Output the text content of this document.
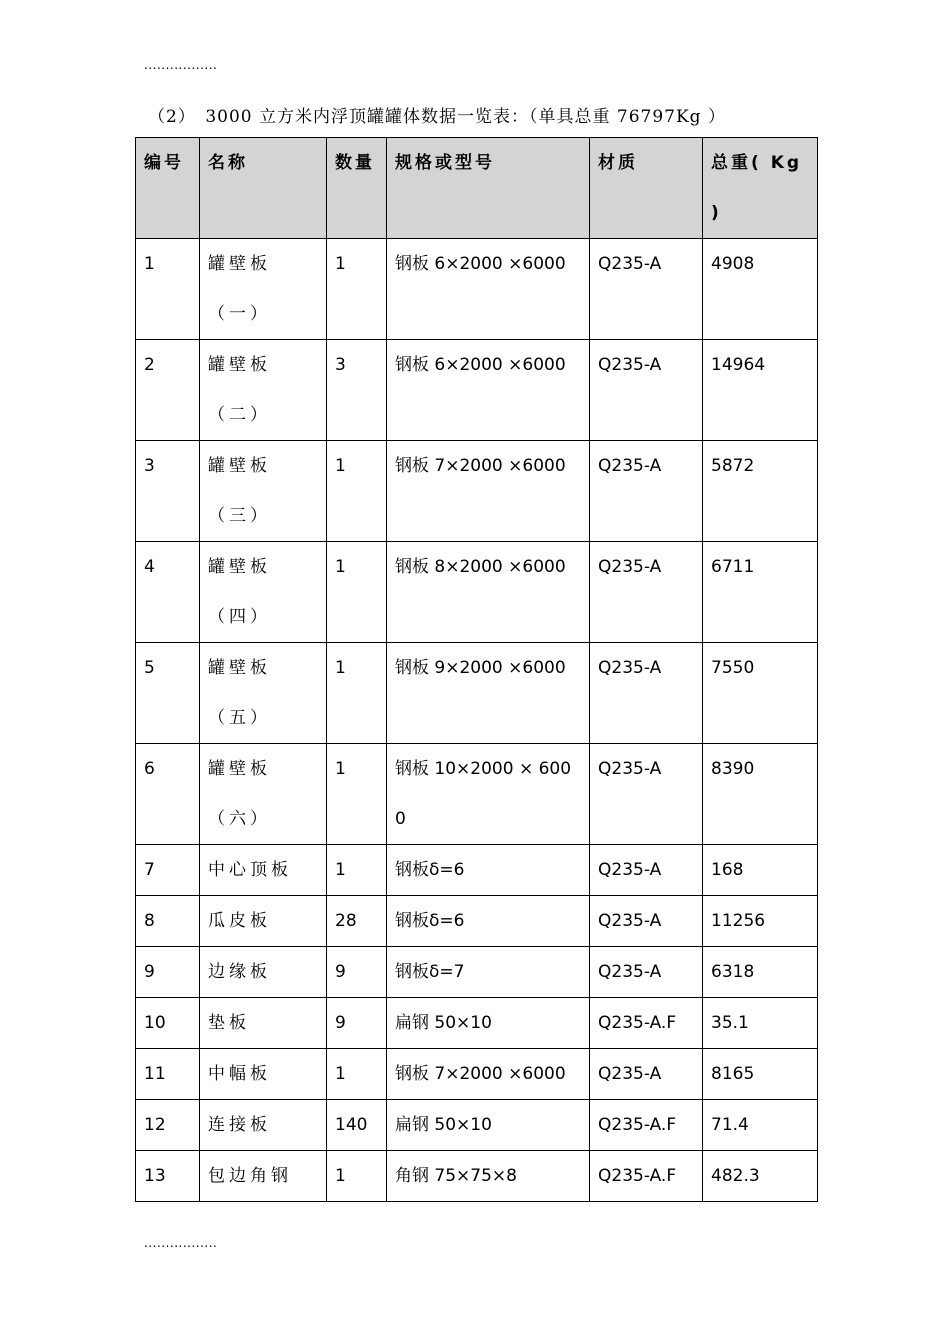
.................
（2）　3000 立方米内浮顶罐罐体数据一览表：（单具总重 76797Kg ）
编号	名称	数量	规格或型号	材质	总重( Kg )
1	罐壁板（一）	1	钢板 6×2000 ×6000	Q235-A	4908
2	罐壁板（二）	3	钢板 6×2000 ×6000	Q235-A	14964
3	罐壁板（三）	1	钢板 7×2000 ×6000	Q235-A	5872
4	罐壁板（四）	1	钢板 8×2000 ×6000	Q235-A	6711
5	罐壁板（五）	1	钢板 9×2000 ×6000	Q235-A	7550
6	罐壁板（六）	1	钢板 10×2000 × 6000	Q235-A	8390
7	中心顶板	1	钢板δ=6	Q235-A	168
8	瓜皮板	28	钢板δ=6	Q235-A	11256
9	边缘板	9	钢板δ=7	Q235-A	6318
10	垫板	9	扁钢 50×10	Q235-A.F	35.1
11	中幅板	1	钢板 7×2000 ×6000	Q235-A	8165
12	连接板	140	扁钢 50×10	Q235-A.F	71.4
13	包边角钢	1	角钢 75×75×8	Q235-A.F	482.3
.................
